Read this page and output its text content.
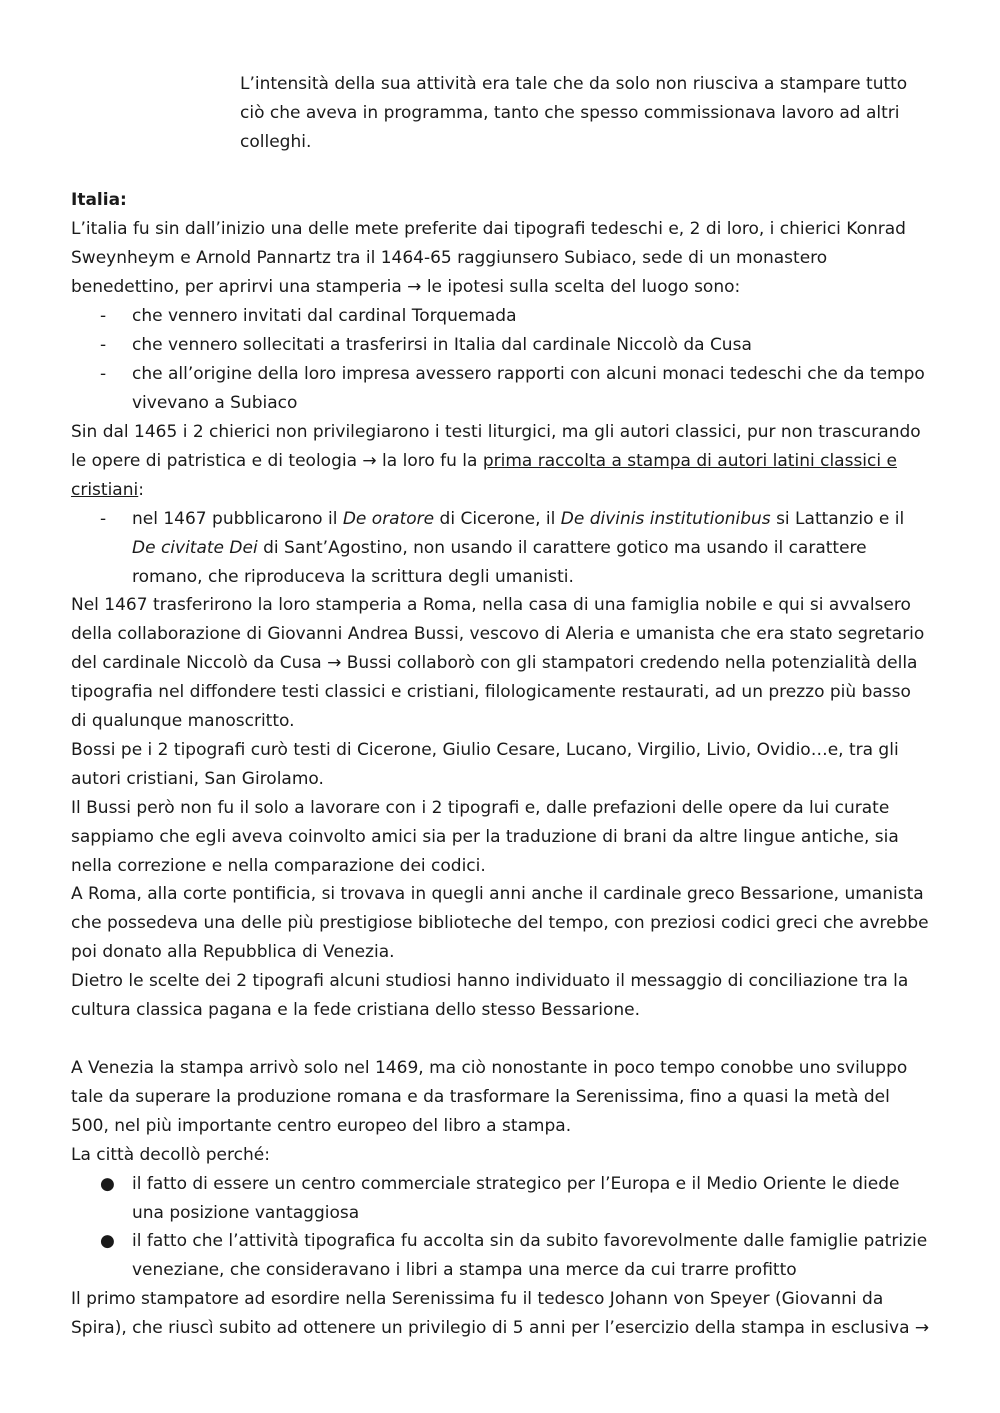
L’intensità della sua attività era tale che da solo non riusciva a stampare tutto ciò che aveva in programma, tanto che spesso commissionava lavoro ad altri colleghi.

Italia:

L’italia fu sin dall’inizio una delle mete preferite dai tipografi tedeschi e, 2 di loro, i chierici Konrad Sweynheym e Arnold Pannartz tra il 1464-65 raggiunsero Subiaco, sede di un monastero benedettino, per aprirvi una stamperia → le ipotesi sulla scelta del luogo sono:

-	che vennero invitati dal cardinal Torquemada
-	che vennero sollecitati a trasferirsi in Italia dal cardinale Niccolò da Cusa
-	che all’origine della loro impresa avessero rapporti con alcuni monaci tedeschi che da tempo vivevano a Subiaco

Sin dal 1465 i 2 chierici non privilegiarono i testi liturgici, ma gli autori classici, pur non trascurando le opere di patristica e di teologia → la loro fu la prima raccolta a stampa di autori latini classici e cristiani:

-	nel 1467 pubblicarono il De oratore di Cicerone, il De divinis institutionibus si Lattanzio e il De civitate Dei di Sant’Agostino, non usando il carattere gotico ma usando il carattere romano, che riproduceva la scrittura degli umanisti.

Nel 1467 trasferirono la loro stamperia a Roma, nella casa di una famiglia nobile e qui si avvalsero della collaborazione di Giovanni Andrea Bussi, vescovo di Aleria e umanista che era stato segretario del cardinale Niccolò da Cusa → Bussi collaborò con gli stampatori credendo nella potenzialità della tipografia nel diffondere testi classici e cristiani, filologicamente restaurati, ad un prezzo più basso di qualunque manoscritto.

Bossi pe i 2 tipografi curò testi di Cicerone, Giulio Cesare, Lucano, Virgilio, Livio, Ovidio…e, tra gli autori cristiani, San Girolamo.

Il Bussi però non fu il solo a lavorare con i 2 tipografi e, dalle prefazioni delle opere da lui curate sappiamo che egli aveva coinvolto amici sia per la traduzione di brani da altre lingue antiche, sia nella correzione e nella comparazione dei codici.

A Roma, alla corte pontificia, si trovava in quegli anni anche il cardinale greco Bessarione, umanista che possedeva una delle più prestigiose biblioteche del tempo, con preziosi codici greci che avrebbe poi donato alla Repubblica di Venezia.

Dietro le scelte dei 2 tipografi alcuni studiosi hanno individuato il messaggio di conciliazione tra la cultura classica pagana e la fede cristiana dello stesso Bessarione.

A Venezia la stampa arrivò solo nel 1469, ma ciò nonostante in poco tempo conobbe uno sviluppo tale da superare la produzione romana e da trasformare la Serenissima, fino a quasi la metà del 500, nel più importante centro europeo del libro a stampa.

La città decollò perché:

●	il fatto di essere un centro commerciale strategico per l’Europa e il Medio Oriente le diede una posizione vantaggiosa
●	il fatto che l’attività tipografica fu accolta sin da subito favorevolmente dalle famiglie patrizie veneziane, che consideravano i libri a stampa una merce da cui trarre profitto

Il primo stampatore ad esordire nella Serenissima fu il tedesco Johann von Speyer (Giovanni da Spira), che riuscì subito ad ottenere un privilegio di 5 anni per l’esercizio della stampa in esclusiva →
